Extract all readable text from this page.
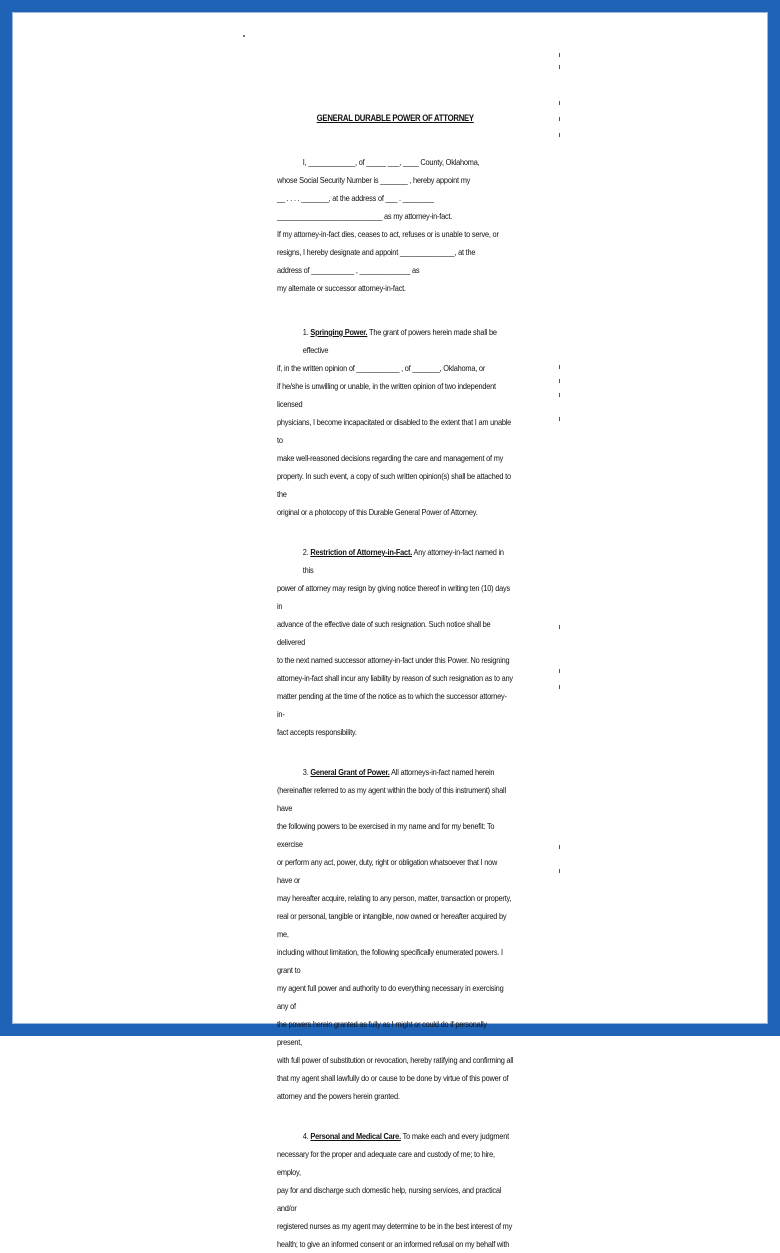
GENERAL DURABLE POWER OF ATTORNEY
I, ____________, of _____ ___, ____ County, Oklahoma,
whose Social Security Number is _______ , hereby appoint my
__ . . . . _______, at the address of ___ . ________
___________________________ as my attorney-in-fact.
If my attorney-in-fact dies, ceases to act, refuses or is unable to serve, or
resigns, I hereby designate and appoint ______________, at the
address of ___________ , _____________ as
my alternate or successor attorney-in-fact.
1. Springing Power. The grant of powers herein made shall be effective
if, in the written opinion of ___________ , of _______, Oklahoma, or
if he/she is unwilling or unable, in the written opinion of two independent licensed
physicians, I become incapacitated or disabled to the extent that I am unable to
make well-reasoned decisions regarding the care and management of my
property. In such event, a copy of such written opinion(s) shall be attached to the
original or a photocopy of this Durable General Power of Attorney.
2. Restriction of Attorney-in-Fact. Any attorney-in-fact named in this
power of attorney may resign by giving notice thereof in writing ten (10) days in
advance of the effective date of such resignation. Such notice shall be delivered
to the next named successor attorney-in-fact under this Power. No resigning
attorney-in-fact shall incur any liability by reason of such resignation as to any
matter pending at the time of the notice as to which the successor attorney-in-
fact accepts responsibility.
3. General Grant of Power. All attorneys-in-fact named herein
(hereinafter referred to as my agent within the body of this instrument) shall have
the following powers to be exercised in my name and for my benefit: To exercise
or perform any act, power, duty, right or obligation whatsoever that I now have or
may hereafter acquire, relating to any person, matter, transaction or property,
real or personal, tangible or intangible, now owned or hereafter acquired by me,
including without limitation, the following specifically enumerated powers. I grant to
my agent full power and authority to do everything necessary in exercising any of
the powers herein granted as fully as I might or could do if personally present,
with full power of substitution or revocation, hereby ratifying and confirming all
that my agent shall lawfully do or cause to be done by virtue of this power of
attorney and the powers herein granted.
4. Personal and Medical Care. To make each and every judgment
necessary for the proper and adequate care and custody of me; to hire, employ,
pay for and discharge such domestic help, nursing services, and practical and/or
registered nurses as my agent may determine to be in the best interest of my
health; to give an informed consent or an informed refusal on my behalf with
